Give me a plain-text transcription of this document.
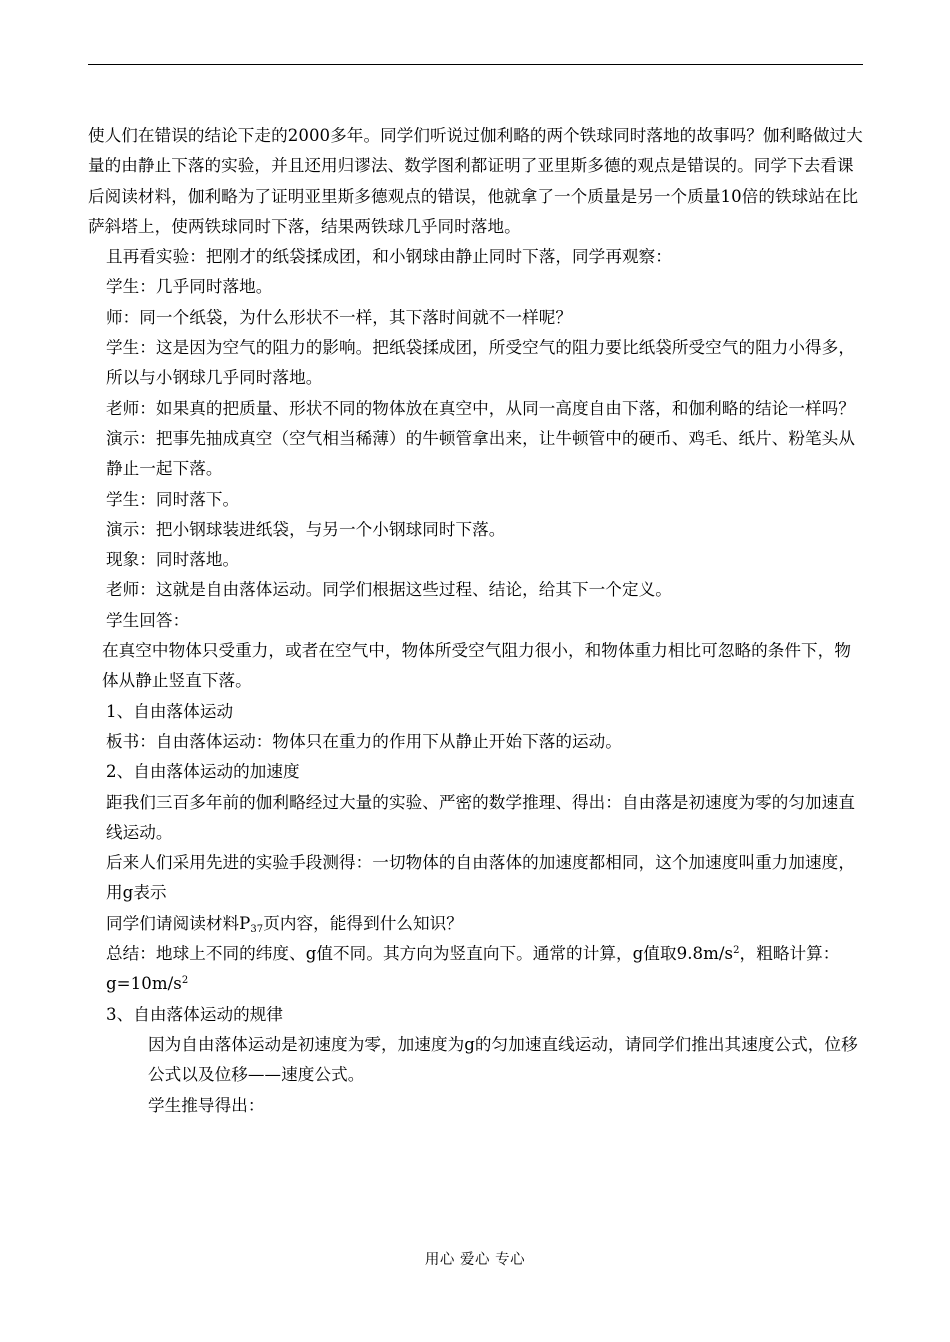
使人们在错误的结论下走的2000多年。同学们听说过伽利略的两个铁球同时落地的故事吗？伽利略做过大量的由静止下落的实验，并且还用归谬法、数学图利都证明了亚里斯多德的观点是错误的。同学下去看课后阅读材料，伽利略为了证明亚里斯多德观点的错误，他就拿了一个质量是另一个质量10倍的铁球站在比萨斜塔上，使两铁球同时下落，结果两铁球几乎同时落地。

且再看实验：把刚才的纸袋揉成团，和小钢球由静止同时下落，同学再观察：

学生：几乎同时落地。

师：同一个纸袋，为什么形状不一样，其下落时间就不一样呢？

学生：这是因为空气的阻力的影响。把纸袋揉成团，所受空气的阻力要比纸袋所受空气的阻力小得多，所以与小钢球几乎同时落地。

老师：如果真的把质量、形状不同的物体放在真空中，从同一高度自由下落，和伽利略的结论一样吗？

演示：把事先抽成真空（空气相当稀薄）的牛顿管拿出来，让牛顿管中的硬币、鸡毛、纸片、粉笔头从静止一起下落。

学生：同时落下。

演示：把小钢球装进纸袋，与另一个小钢球同时下落。

现象：同时落地。

老师：这就是自由落体运动。同学们根据这些过程、结论，给其下一个定义。

学生回答：

在真空中物体只受重力，或者在空气中，物体所受空气阻力很小，和物体重力相比可忽略的条件下，物体从静止竖直下落。

1、自由落体运动

板书：自由落体运动：物体只在重力的作用下从静止开始下落的运动。

2、自由落体运动的加速度

距我们三百多年前的伽利略经过大量的实验、严密的数学推理、得出：自由落是初速度为零的匀加速直线运动。

后来人们采用先进的实验手段测得：一切物体的自由落体的加速度都相同，这个加速度叫重力加速度，用g表示

同学们请阅读材料$P_{37}$页内容，能得到什么知识？

总结：地球上不同的纬度、g值不同。其方向为竖直向下。通常的计算，g值取$9.8m/s^2$，粗略计算：$g=10m/s^2$

3、自由落体运动的规律

因为自由落体运动是初速度为零，加速度为g的匀加速直线运动，请同学们推出其速度公式，位移公式以及位移——速度公式。

学生推导得出：

用心 爱心 专心
